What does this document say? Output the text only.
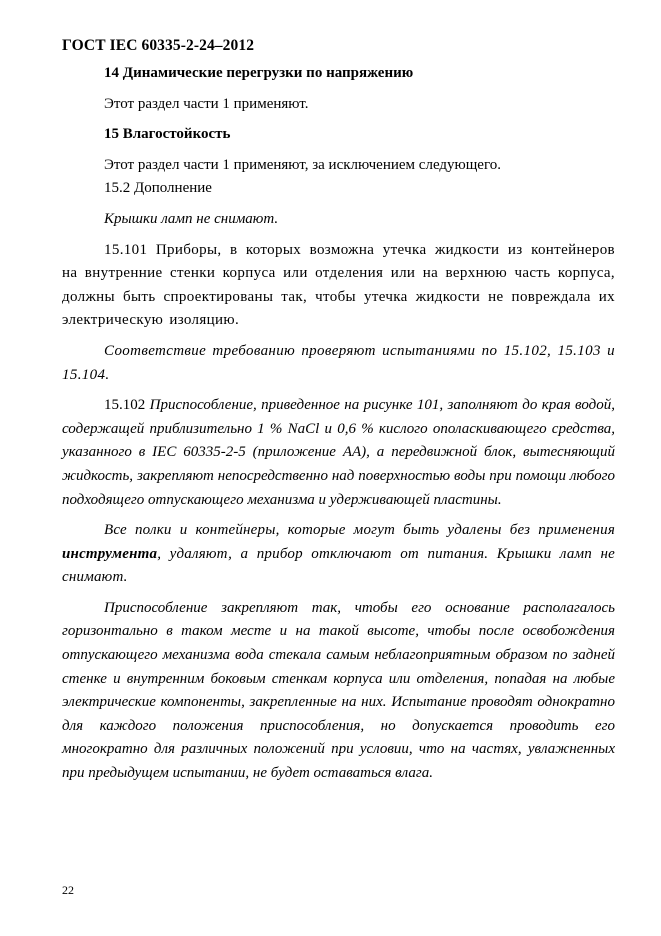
ГОСТ IEC 60335-2-24–2012

14 Динамические перегрузки по напряжению

Этот раздел части 1 применяют.

15 Влагостойкость

Этот раздел части 1 применяют, за исключением следующего.

15.2 Дополнение

Крышки ламп не снимают.

15.101 Приборы, в которых возможна утечка жидкости из контейнеров на внутренние стенки корпуса или отделения или на верхнюю часть корпуса, должны быть спроектированы так, чтобы утечка жидкости не повреждала их электрическую изоляцию.

Соответствие требованию проверяют испытаниями по 15.102, 15.103 и 15.104.

15.102 Приспособление, приведенное на рисунке 101, заполняют до края водой, содержащей приблизительно 1 % NaCl и 0,6 % кислого ополаскивающего средства, указанного в IEC 60335-2-5 (приложение АА), а передвижной блок, вытесняющий жидкость, закрепляют непосредственно над поверхностью воды при помощи любого подходящего отпускающего механизма и удерживающей пластины.

Все полки и контейнеры, которые могут быть удалены без применения инструмента, удаляют, а прибор отключают от питания. Крышки ламп не снимают.

Приспособление закрепляют так, чтобы его основание располагалось горизонтально в таком месте и на такой высоте, чтобы после освобождения отпускающего механизма вода стекала самым неблагоприятным образом по задней стенке и внутренним боковым стенкам корпуса или отделения, попадая на любые электрические компоненты, закрепленные на них. Испытание проводят однократно для каждого положения приспособления, но допускается проводить его многократно для различных положений при условии, что на частях, увлажненных при предыдущем испытании, не будет оставаться влага.

22
